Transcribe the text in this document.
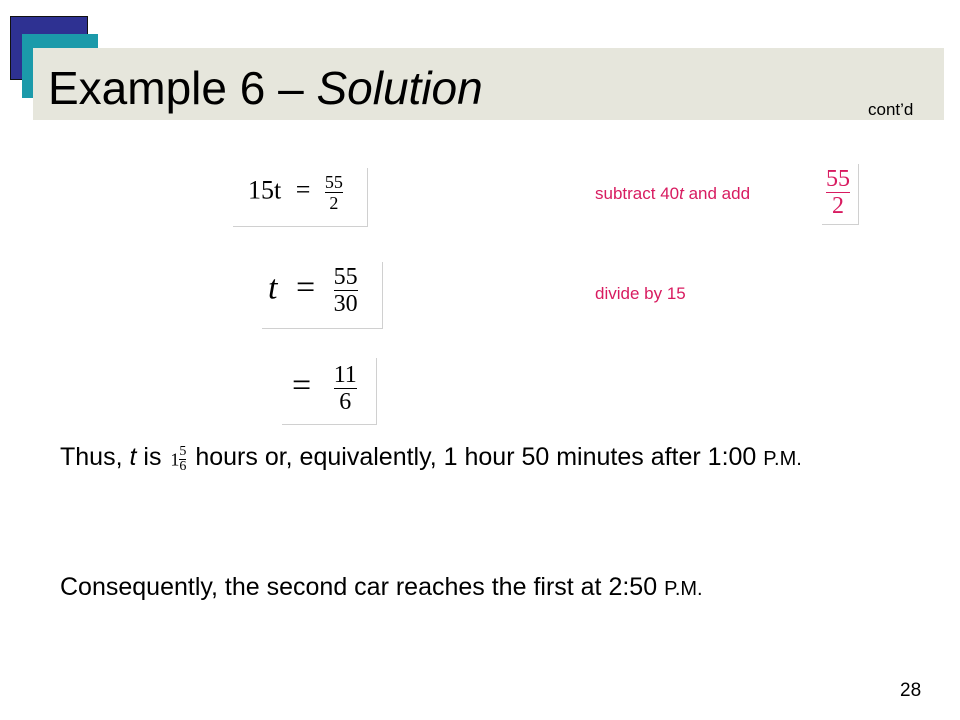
Example 6 – Solution	cont’d
$15t = \frac{55}{2}$
$t = \frac{55}{30}$
= $\frac{11}{6}$
subtract 40t and add	$\frac{55}{2}$
divide by 15
Thus, t is $1 \frac{5}{6}$ hours or, equivalently, 1 hour 50 minutes after 1:00 P.M.
Consequently, the second car reaches the first at 2:50 P.M.
28
